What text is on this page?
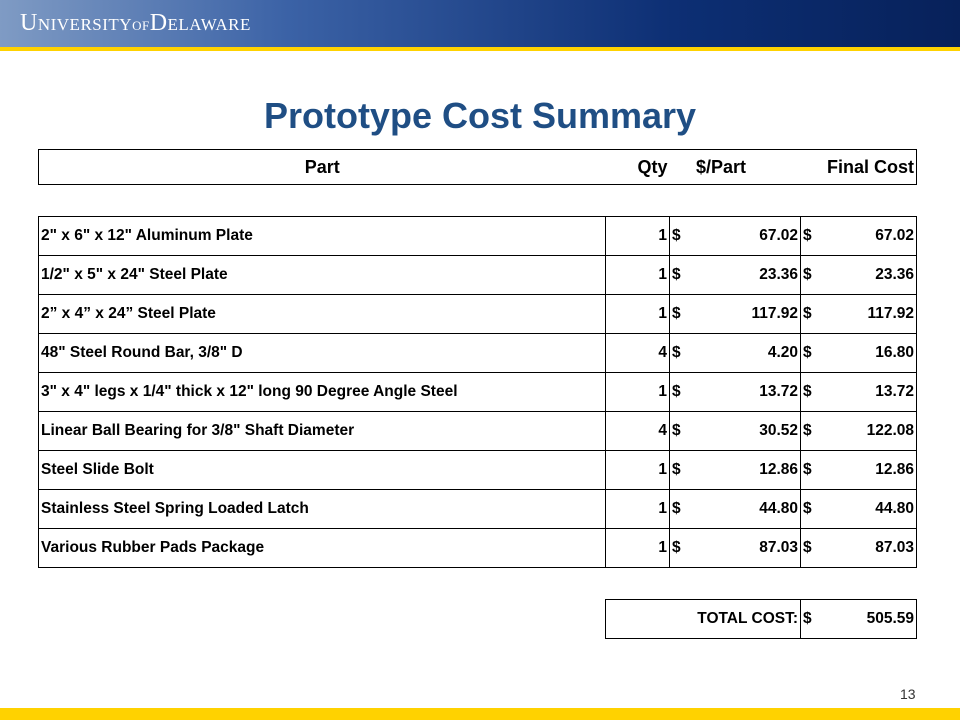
UNIVERSITYOFDELAWARE
Prototype Cost Summary
Part	Qty		$/Part		Final Cost

2" x 6" x 12" Aluminum Plate	1	$	67.02	$	67.02
1/2" x 5" x 24" Steel Plate	1	$	23.36	$	23.36
2” x 4” x 24” Steel Plate	1	$	117.92	$	117.92
48" Steel Round Bar, 3/8" D	4	$	4.20	$	16.80
3" x 4" legs x 1/4" thick x 12" long 90 Degree Angle Steel	1	$	13.72	$	13.72
Linear Ball Bearing for 3/8" Shaft Diameter	4	$	30.52	$	122.08
Steel Slide Bolt	1	$	12.86	$	12.86
Stainless Steel Spring Loaded Latch	1	$	44.80	$	44.80
Various Rubber Pads Package	1	$	87.03	$	87.03

	TOTAL COST:			$	505.59
13
